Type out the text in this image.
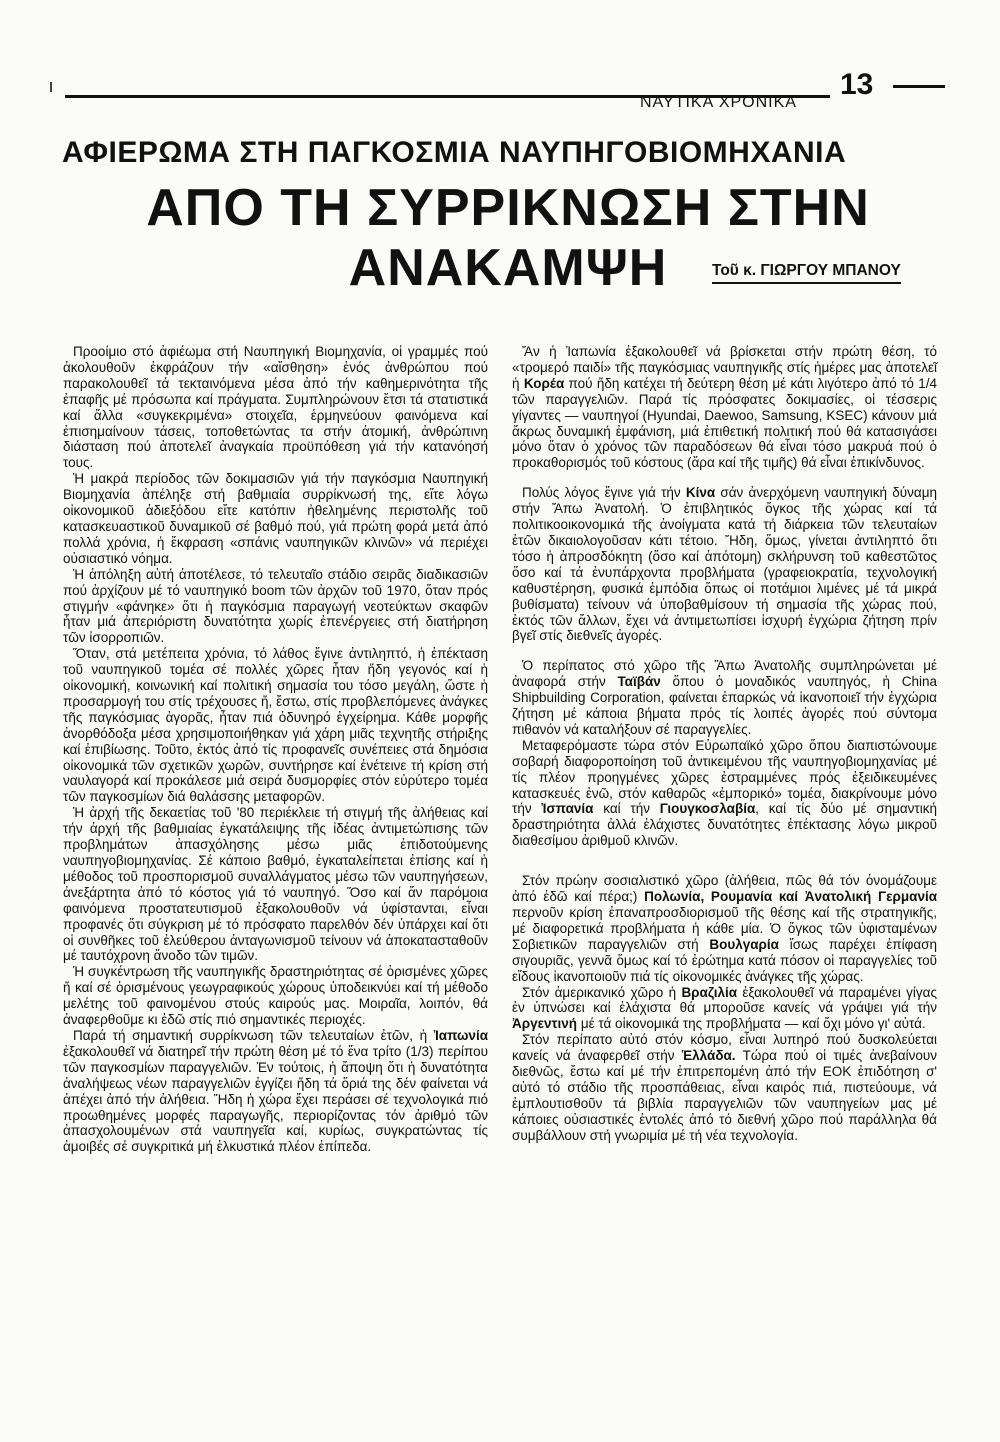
ΝΑΥΤΙΚΑ ΧΡΟΝΙΚΑ
13
ΑΦΙΕΡΩΜΑ ΣΤΗ ΠΑΓΚΟΣΜΙΑ ΝΑΥΠΗΓΟΒΙΟΜΗΧΑΝΙΑ
ΑΠΟ ΤΗ ΣΥΡΡΙΚΝΩΣΗ ΣΤΗΝ ΑΝΑΚΑΜΨΗ	Τοῦ κ. ΓΙΩΡΓΟΥ ΜΠΑΝΟΥ

Προοίμιο στό ἀφιέωμα στή Ναυπηγική Βιομηχανία, οἱ γραμμές πού ἀκολουθοῦν ἐκφράζουν τήν «αἴσθηση» ἑνός ἀνθρώπου πού παρακολουθεῖ τά τεκταινόμενα μέσα ἀπό τήν καθημερινότητα τῆς ἐπαφῆς μέ πρόσωπα καί πράγματα. Συμπληρώνουν ἔτσι τά στατιστικά καί ἄλλα «συγκεκριμένα» στοιχεῖα, ἑρμηνεύουν φαινόμενα καί ἐπισημαίνουν τάσεις, τοποθετώντας τα στήν ἀτομική, ἀνθρώπινη διάσταση πού ἀποτελεῖ ἀναγκαία προϋπόθεση γιά τήν κατανόησή τους.

Ἡ μακρά περίοδος τῶν δοκιμασιῶν γιά τήν παγκόσμια Ναυπηγική Βιομηχανία ἀπέληξε στή βαθμιαία συρρίκνωσή της, εἴτε λόγω οἰκονομικοῦ ἀδιεξόδου εἴτε κατόπιν ἠθελημένης περιστολῆς τοῦ κατασκευαστικοῦ δυναμικοῦ σέ βαθμό πού, γιά πρώτη φορά μετά ἀπό πολλά χρόνια, ἡ ἔκφραση «σπάνις ναυπηγικῶν κλινῶν» νά περιέχει οὐσιαστικό νόημα.

Ἡ ἀπόληξη αὐτή ἀποτέλεσε, τό τελευταῖο στάδιο σειρᾶς διαδικασιῶν πού ἀρχίζουν μέ τό ναυπηγικό boom τῶν ἀρχῶν τοῦ 1970, ὅταν πρός στιγμήν «φάνηκε» ὅτι ἡ παγκόσμια παραγωγή νεοτεύκτων σκαφῶν ἦταν μιά ἀπεριόριστη δυνατότητα χωρίς ἐπενέργειες στή διατήρηση τῶν ἰσορροπιῶν.

Ὅταν, στά μετέπειτα χρόνια, τό λάθος ἔγινε ἀντιληπτό, ἡ ἐπέκταση τοῦ ναυπηγικοῦ τομέα σέ πολλές χῶρες ἦταν ἤδη γεγονός καί ἡ οἰκονομική, κοινωνική καί πολιτική σημασία του τόσο μεγάλη, ὥστε ἡ προσαρμογή του στίς τρέχουσες ἤ, ἔστω, στίς προβλεπόμενες ἀνάγκες τῆς παγκόσμιας ἀγορᾶς, ἦταν πιά ὀδυνηρό ἐγχείρημα. Κάθε μορφῆς ἀνορθόδοξα μέσα χρησιμοποιήθηκαν γιά χάρη μιᾶς τεχνητῆς στήριξης καί ἐπιβίωσης. Τοῦτο, ἐκτός ἀπό τίς προφανεῖς συνέπειες στά δημόσια οἰκονομικά τῶν σχετικῶν χωρῶν, συντήρησε καί ἐνέτεινε τή κρίση στή ναυλαγορά καί προκάλεσε μιά σειρά δυσμορφίες στόν εὐρύτερο τομέα τῶν παγκοσμίων διά θαλάσσης μεταφορῶν.

Ἡ ἀρχή τῆς δεκαετίας τοῦ '80 περιέκλειε τή στιγμή τῆς ἀλήθειας καί τήν ἀρχή τῆς βαθμιαίας ἐγκατάλειψης τῆς ἰδέας ἀντιμετώπισης τῶν προβλημάτων ἀπασχόλησης μέσω μιᾶς ἐπιδοτούμενης ναυπηγοβιομηχανίας. Σέ κάποιο βαθμό, ἐγκαταλείπεται ἐπίσης καί ἡ μέθοδος τοῦ προσπορισμοῦ συναλλάγματος μέσω τῶν ναυπηγήσεων, ἀνεξάρτητα ἀπό τό κόστος γιά τό ναυπηγό. Ὅσο καί ἄν παρόμοια φαινόμενα προστατευτισμοῦ ἐξακολουθοῦν νά ὑφίστανται, εἶναι προφανές ὅτι σύγκριση μέ τό πρόσφατο παρελθόν δέν ὑπάρχει καί ὅτι οἱ συνθῆκες τοῦ ἐλεύθερου ἀνταγωνισμοῦ τείνουν νά ἀποκατασταθοῦν μέ ταυτόχρονη ἄνοδο τῶν τιμῶν.

Ἡ συγκέντρωση τῆς ναυπηγικῆς δραστηριότητας σέ ὁρισμένες χῶρες ἤ καί σέ ὁρισμένους γεωγραφικούς χώρους ὑποδεικνύει καί τή μέθοδο μελέτης τοῦ φαινομένου στούς καιρούς μας. Μοιραῖα, λοιπόν, θά ἀναφερθοῦμε κι ἐδῶ στίς πιό σημαντικές περιοχές.

Παρά τή σημαντική συρρίκνωση τῶν τελευταίων ἐτῶν, ἡ Ἰαπωνία ἐξακολουθεῖ νά διατηρεῖ τήν πρώτη θέση μέ τό ἕνα τρίτο (1/3) περίπου τῶν παγκοσμίων παραγγελιῶν. Ἐν τούτοις, ἡ ἄποψη ὅτι ἡ δυνατότητα ἀναλήψεως νέων παραγγελιῶν ἐγγίζει ἤδη τά ὅριά της δέν φαίνεται νά ἀπέχει ἀπό τήν ἀλήθεια. Ἤδη ἡ χώρα ἔχει περάσει σέ τεχνολογικά πιό προωθημένες μορφές παραγωγῆς, περιορίζοντας τόν ἀριθμό τῶν ἀπασχολουμένων στά ναυπηγεῖα καί, κυρίως, συγκρατώντας τίς ἀμοιβές σέ συγκριτικά μή ἑλκυστικά πλέον ἐπίπεδα.

Ἄν ἡ Ἰαπωνία ἐξακολουθεῖ νά βρίσκεται στήν πρώτη θέση, τό «τρομερό παιδί» τῆς παγκόσμιας ναυπηγικῆς στίς ἡμέρες μας ἀποτελεῖ ἡ Κορέα πού ἤδη κατέχει τή δεύτερη θέση μέ κάτι λιγότερο ἀπό τό 1/4 τῶν παραγγελιῶν. Παρά τίς πρόσφατες δοκιμασίες, οἱ τέσσερις γίγαντες — ναυπηγοί (Hyundai, Daewoo, Samsung, KSEC) κάνουν μιά ἄκρως δυναμική ἐμφάνιση, μιά ἐπιθετική πολιτική πού θά κατασιγάσει μόνο ὅταν ὁ χρόνος τῶν παραδόσεων θά εἶναι τόσο μακρυά πού ὁ προκαθορισμός τοῦ κόστους (ἄρα καί τῆς τιμῆς) θά εἶναι ἐπικίνδυνος.

Πολύς λόγος ἔγινε γιά τήν Κίνα σάν ἀνερχόμενη ναυπηγική δύναμη στήν Ἄπω Ἀνατολή. Ὁ ἐπιβλητικός ὄγκος τῆς χώρας καί τά πολιτικοοικονομικά τῆς ἀνοίγματα κατά τή διάρκεια τῶν τελευταίων ἐτῶν δικαιολογοῦσαν κάτι τέτοιο. Ἤδη, ὅμως, γίνεται ἀντιληπτό ὅτι τόσο ἡ ἀπροσδόκητη (ὅσο καί ἀπότομη) σκλήρυνση τοῦ καθεστῶτος ὅσο καί τά ἐνυπάρχοντα προβλήματα (γραφειοκρατία, τεχνολογική καθυστέρηση, φυσικά ἐμπόδια ὅπως οἱ ποτάμιοι λιμένες μέ τά μικρά βυθίσματα) τείνουν νά ὑποβαθμίσουν τή σημασία τῆς χώρας πού, ἐκτός τῶν ἄλλων, ἔχει νά ἀντιμετωπίσει ἰσχυρή ἐγχώρια ζήτηση πρίν βγεῖ στίς διεθνεῖς ἀγορές.

Ὁ περίπατος στό χῶρο τῆς Ἄπω Ἀνατολῆς συμπληρώνεται μέ ἀναφορά στήν Ταϊβάν ὅπου ὁ μοναδικός ναυπηγός, ἡ China Shipbuilding Corporation, φαίνεται ἐπαρκώς νά ἱκανοποιεῖ τήν ἐγχώρια ζήτηση μέ κάποια βήματα πρός τίς λοιπές ἀγορές πού σύντομα πιθανόν νά καταλήξουν σέ παραγγελίες.

Μεταφερόμαστε τώρα στόν Εὐρωπαϊκό χῶρο ὅπου διαπιστώνουμε σοβαρή διαφοροποίηση τοῦ ἀντικειμένου τῆς ναυπηγοβιομηχανίας μέ τίς πλέον προηγμένες χῶρες ἐστραμμένες πρός ἐξειδικευμένες κατασκευές ἐνῶ, στόν καθαρῶς «ἐμπορικό» τομέα, διακρίνουμε μόνο τήν Ἰσπανία καί τήν Γιουγκοσλαβία, καί τίς δύο μέ σημαντική δραστηριότητα ἀλλά ἐλάχιστες δυνατότητες ἐπέκτασης λόγω μικροῦ διαθεσίμου ἀριθμοῦ κλινῶν.

Στόν πρώην σοσιαλιστικό χῶρο (ἀλήθεια, πῶς θά τόν ὀνομάζουμε ἀπό ἐδῶ καί πέρα;) Πολωνία, Ρουμανία καί Ἀνατολική Γερμανία περνοῦν κρίση ἐπαναπροσδιορισμοῦ τῆς θέσης καί τῆς στρατηγικῆς, μέ διαφορετικά προβλήματα ἡ κάθε μία. Ὁ ὄγκος τῶν ὑφισταμένων Σοβιετικῶν παραγγελιῶν στή Βουλγαρία ἴσως παρέχει ἐπίφαση σιγουριᾶς, γεννᾶ ὅμως καί τό ἐρώτημα κατά πόσον οἱ παραγγελίες τοῦ εἴδους ἱκανοποιοῦν πιά τίς οἰκονομικές ἀνάγκες τῆς χώρας.

Στόν ἀμερικανικό χῶρο ἡ Βραζιλία ἐξακολουθεῖ νά παραμένει γίγας ἐν ὑπνώσει καί ἐλάχιστα θά μποροῦσε κανείς νά γράψει γιά τήν Ἀργεντινή μέ τά οἰκονομικά της προβλήματα — καί ὄχι μόνο γι' αὐτά.

Στόν περίπατο αὐτό στόν κόσμο, εἶναι λυπηρό πού δυσκολεύεται κανείς νά ἀναφερθεῖ στήν Ἑλλάδα. Τώρα πού οἱ τιμές ἀνεβαίνουν διεθνῶς, ἔστω καί μέ τήν ἐπιτρεπομένη ἀπό τήν ΕΟΚ ἐπιδότηση σ' αὐτό τό στάδιο τῆς προσπάθειας, εἶναι καιρός πιά, πιστεύουμε, νά ἐμπλουτισθοῦν τά βιβλία παραγγελιῶν τῶν ναυπηγείων μας μέ κάποιες οὐσιαστικές ἐντολές ἀπό τό διεθνή χῶρο πού παράλληλα θά συμβάλλουν στή γνωριμία μέ τή νέα τεχνολογία.
